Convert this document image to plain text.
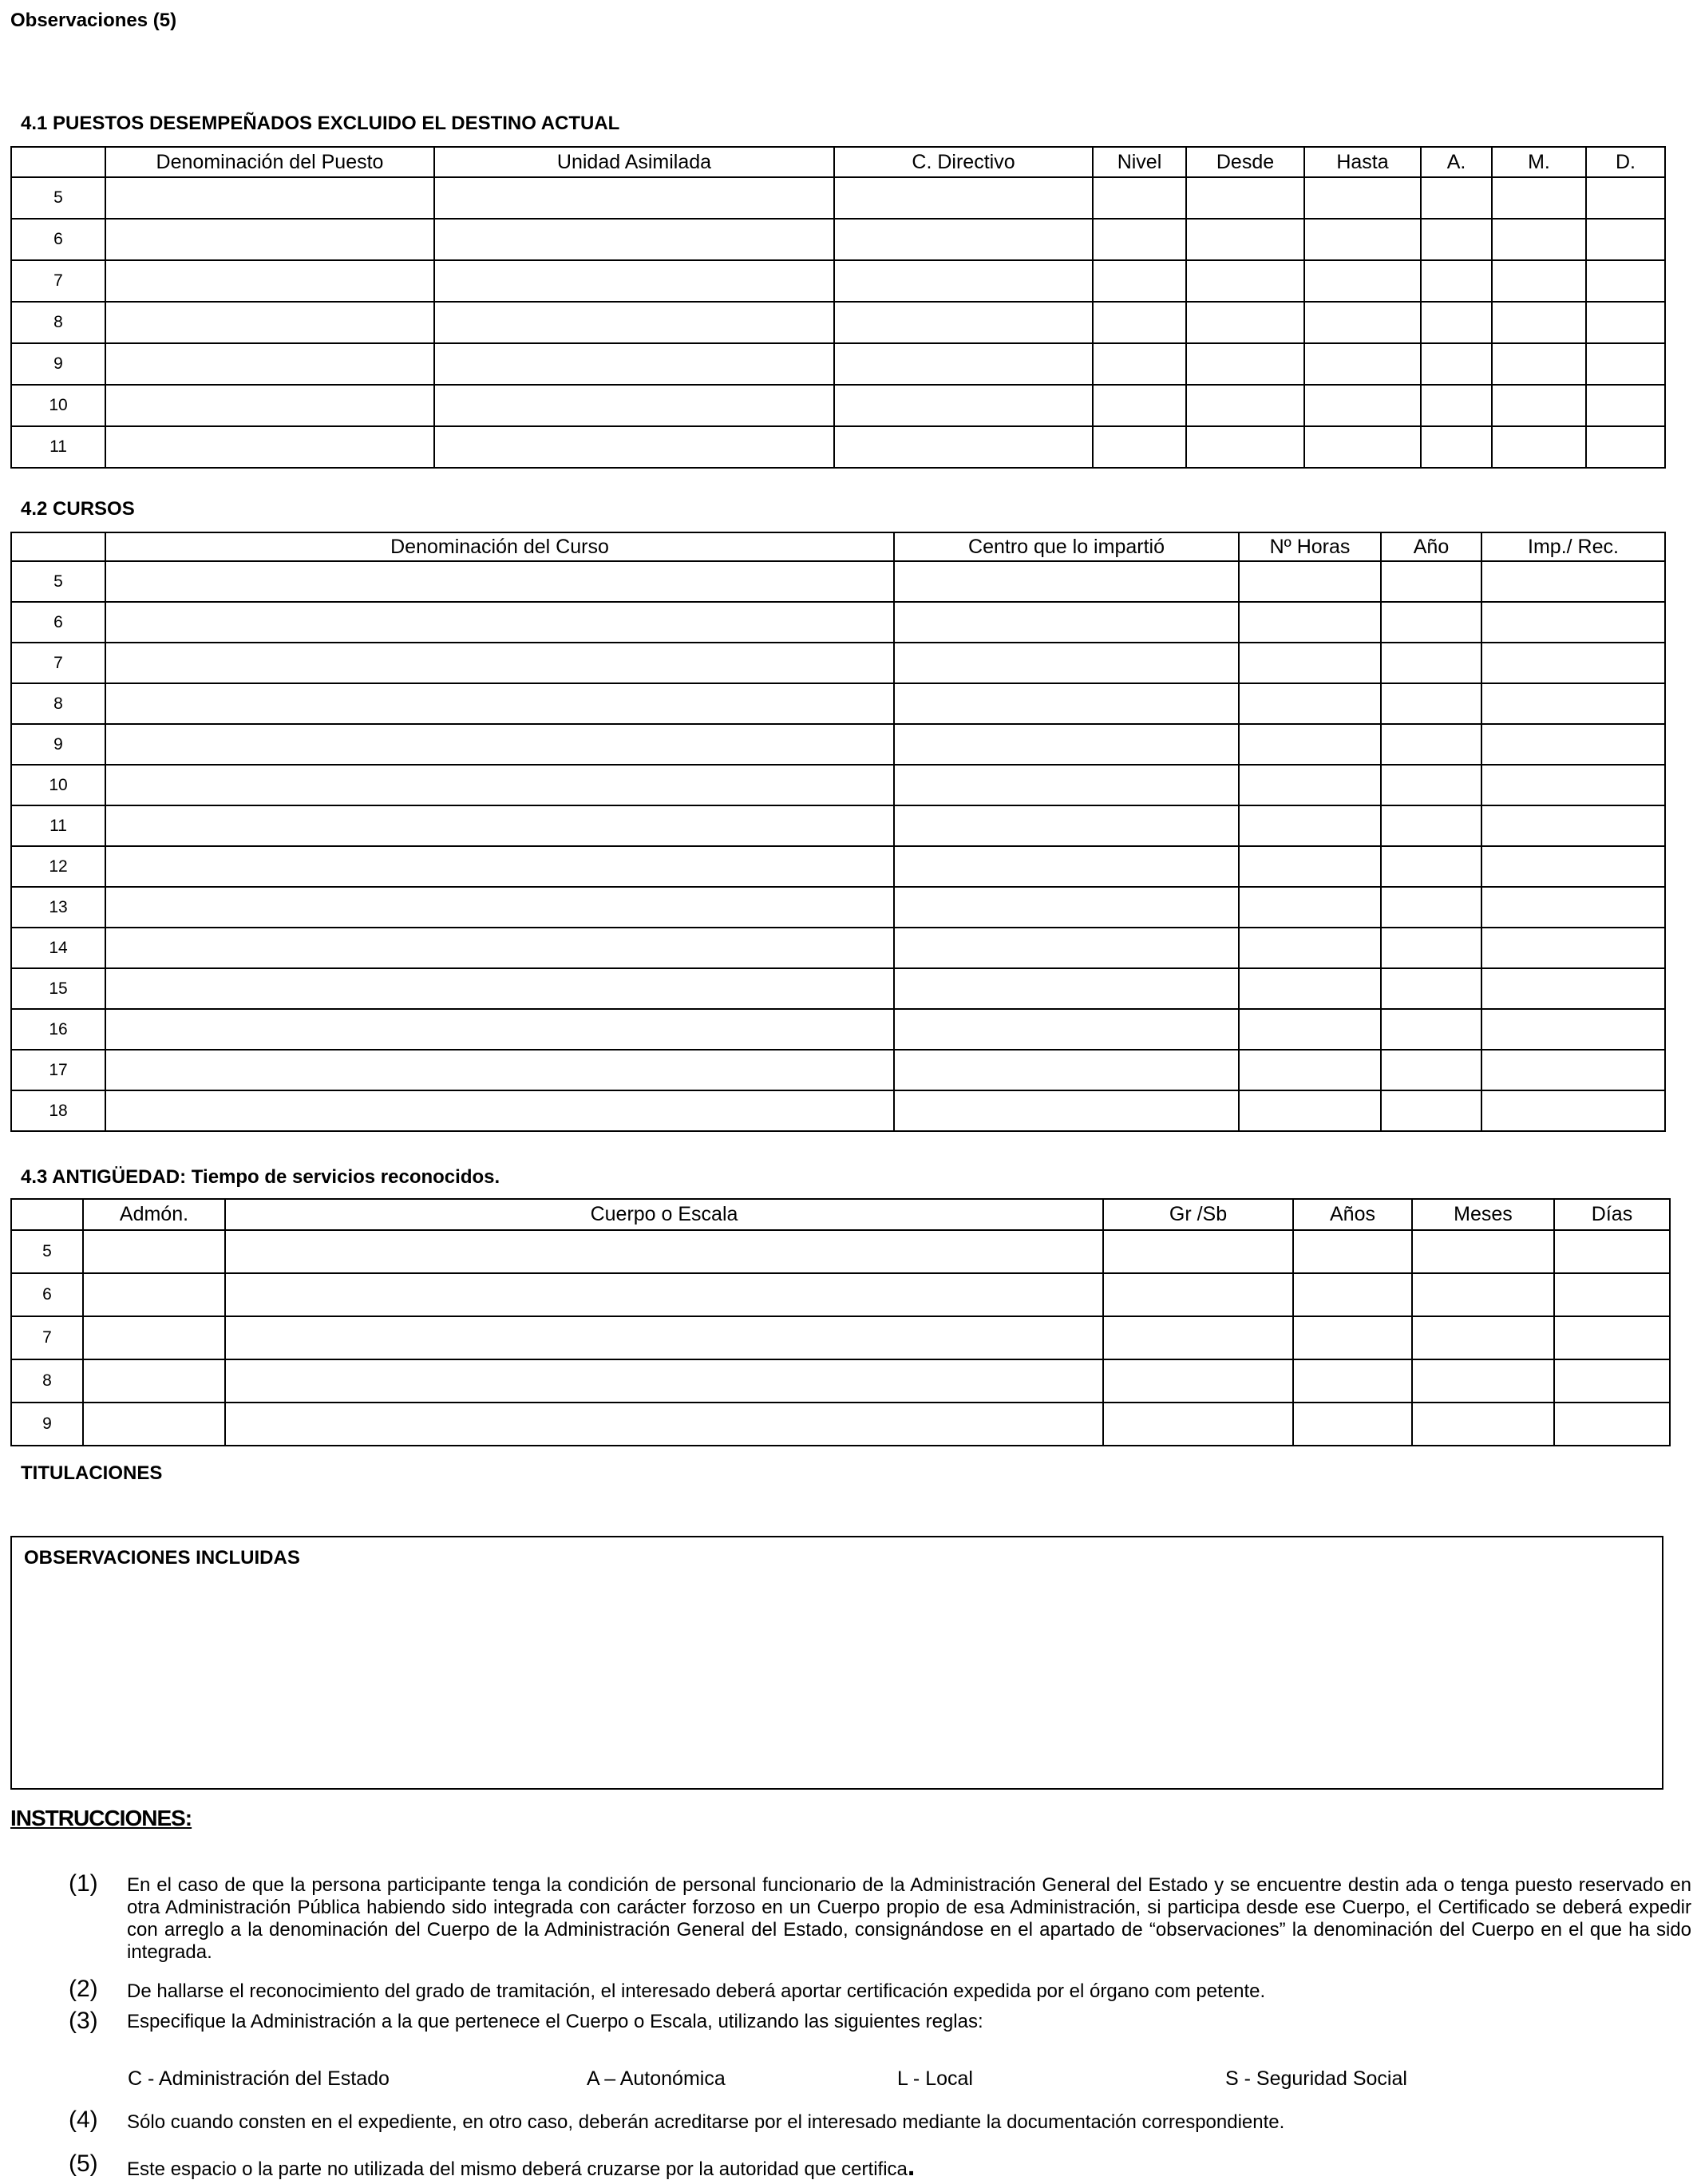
Observaciones (5)
4.1 PUESTOS DESEMPEÑADOS EXCLUIDO EL DESTINO ACTUAL
	Denominación del Puesto	Unidad Asimilada	C. Directivo	Nivel	Desde	Hasta	A.	M.	D.
5									
6									
7									
8									
9									
10									
11									
4.2 CURSOS
	Denominación del Curso	Centro que lo impartió	Nº Horas	Año	Imp./ Rec.
5					
6					
7					
8					
9					
10					
11					
12					
13					
14					
15					
16					
17					
18					
4.3 ANTIGÜEDAD: Tiempo de servicios reconocidos.
	Admón.	Cuerpo o Escala	Gr /Sb	Años	Meses	Días
5						
6						
7						
8						
9						
TITULACIONES
OBSERVACIONES INCLUIDAS
INSTRUCCIONES:
(1) En el caso de que la persona participante tenga la condición de personal funcionario de la Administración General del Estado y se encuentre destin ada o tenga puesto reservado en otra Administración Pública habiendo sido integrada con carácter forzoso en un Cuerpo propio de esa Administración, si participa desde ese Cuerpo, el Certificado se deberá expedir con arreglo a la denominación del Cuerpo de la Administración General del Estado, consignándose en el apartado de “observaciones” la denominación del Cuerpo en el que ha sido integrada.
(2) De hallarse el reconocimiento del grado de tramitación, el interesado deberá aportar certificación expedida por el órgano com petente.
(3) Especifique la Administración a la que pertenece el Cuerpo o Escala, utilizando las siguientes reglas:
C - Administración del Estado	A – Autonómica	L - Local	S - Seguridad Social
(4) Sólo cuando consten en el expediente, en otro caso, deberán acreditarse por el interesado mediante la documentación correspondiente.
(5) Este espacio o la parte no utilizada del mismo deberá cruzarse por la autoridad que certifica.
